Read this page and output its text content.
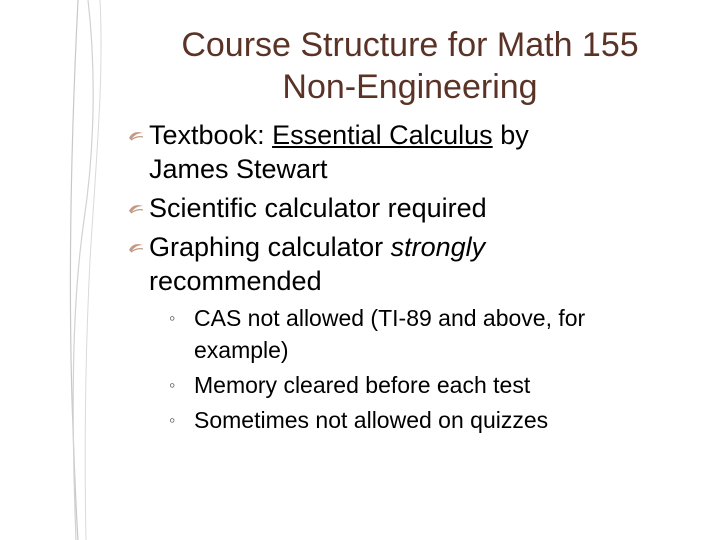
Course Structure for Math 155
Non-Engineering
Textbook: Essential Calculus by
James Stewart
Scientific calculator required
Graphing calculator strongly
recommended
◦ CAS not allowed (TI-89 and above, for
example)
◦ Memory cleared before each test
◦ Sometimes not allowed on quizzes
